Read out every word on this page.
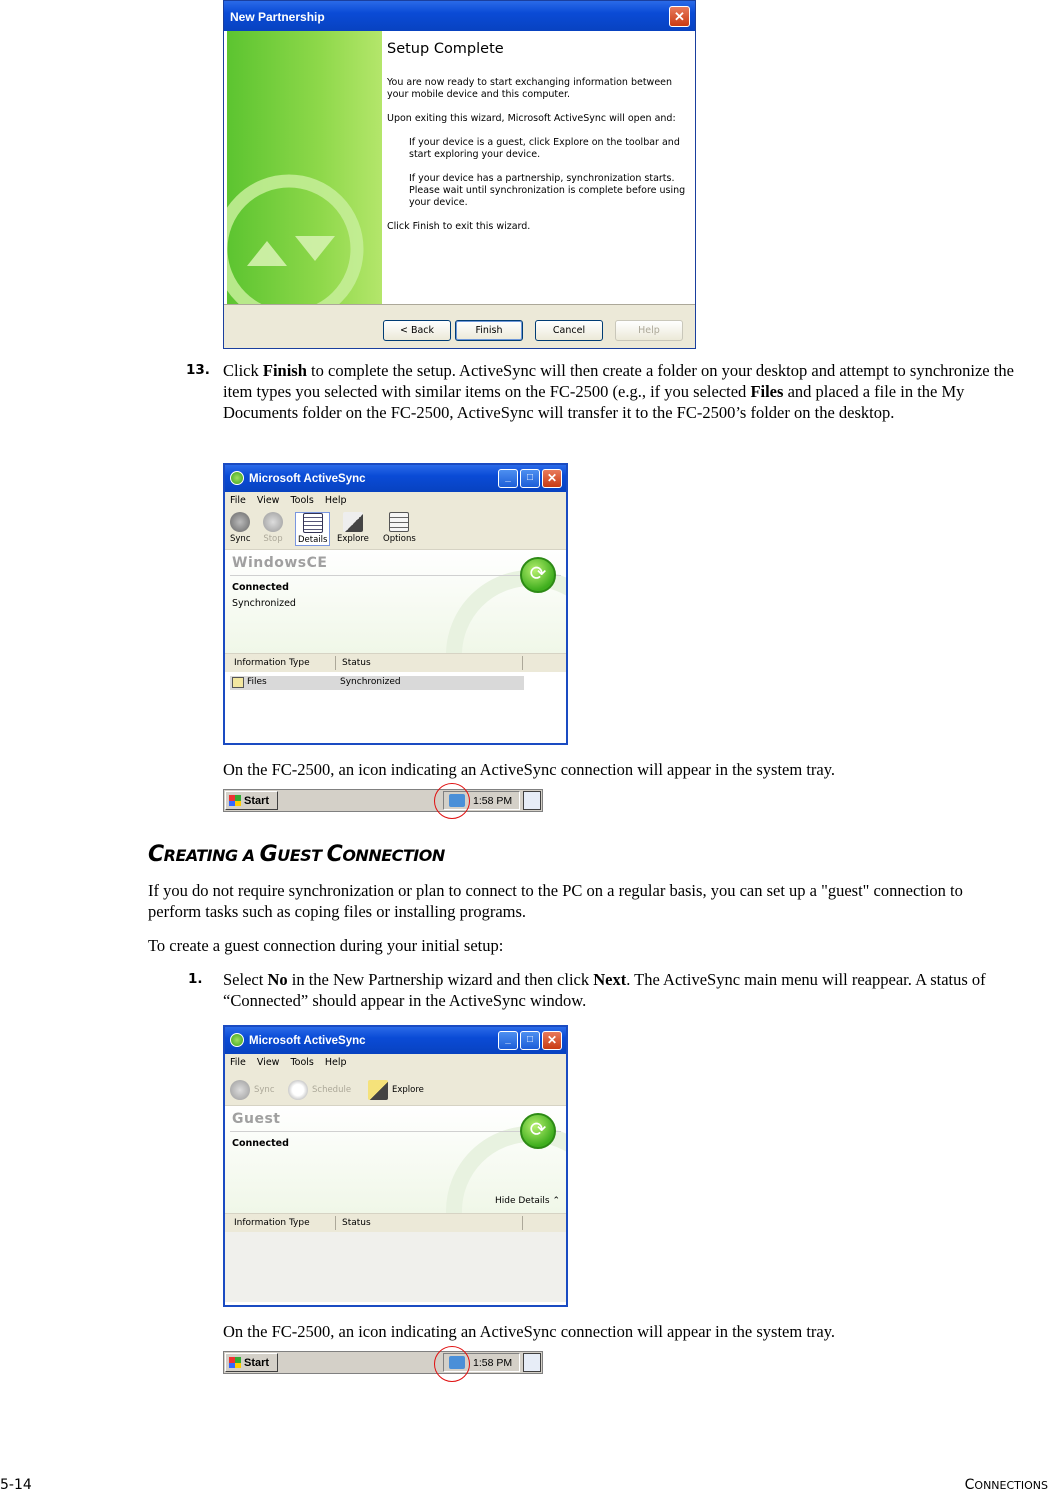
New Partnership	✕
Setup Complete

You are now ready to start exchanging information between your mobile device and this computer.

Upon exiting this wizard, Microsoft ActiveSync will open and:

If your device is a guest, click Explore on the toolbar and start exploring your device.

If your device has a partnership, synchronization starts. Please wait until synchronization is complete before using your device.

Click Finish to exit this wizard.

< Back	Finish	Cancel	Help
13. Click Finish to complete the setup. ActiveSync will then create a folder on your desktop and attempt to synchronize the item types you selected with similar items on the FC-2500 (e.g., if you selected Files and placed a file in the My Documents folder on the FC-2500, ActiveSync will transfer it to the FC-2500’s folder on the desktop.
Microsoft ActiveSync	_	□	✕
File View Tools Help
Sync Stop	Details	Explore Options
WindowsCE
Connected
Synchronized
⟳
Information Type	Status
Files	Synchronized
On the FC-2500, an icon indicating an ActiveSync connection will appear in the system tray.
Start	1:58 PM
CREATING A GUEST CONNECTION
If you do not require synchronization or plan to connect to the PC on a regular basis, you can set up a "guest" connection to perform tasks such as coping files or installing programs.
To create a guest connection during your initial setup:
1. Select No in the New Partnership wizard and then click Next. The ActiveSync main menu will reappear. A status of “Connected” should appear in the ActiveSync window.
Microsoft ActiveSync	_	□	✕
File View Tools Help
Sync	Schedule	Explore
Guest
Connected
⟳
Hide Details ⌃
Information Type	Status
On the FC-2500, an icon indicating an ActiveSync connection will appear in the system tray.
Start	1:58 PM
5-14	CONNECTIONS
